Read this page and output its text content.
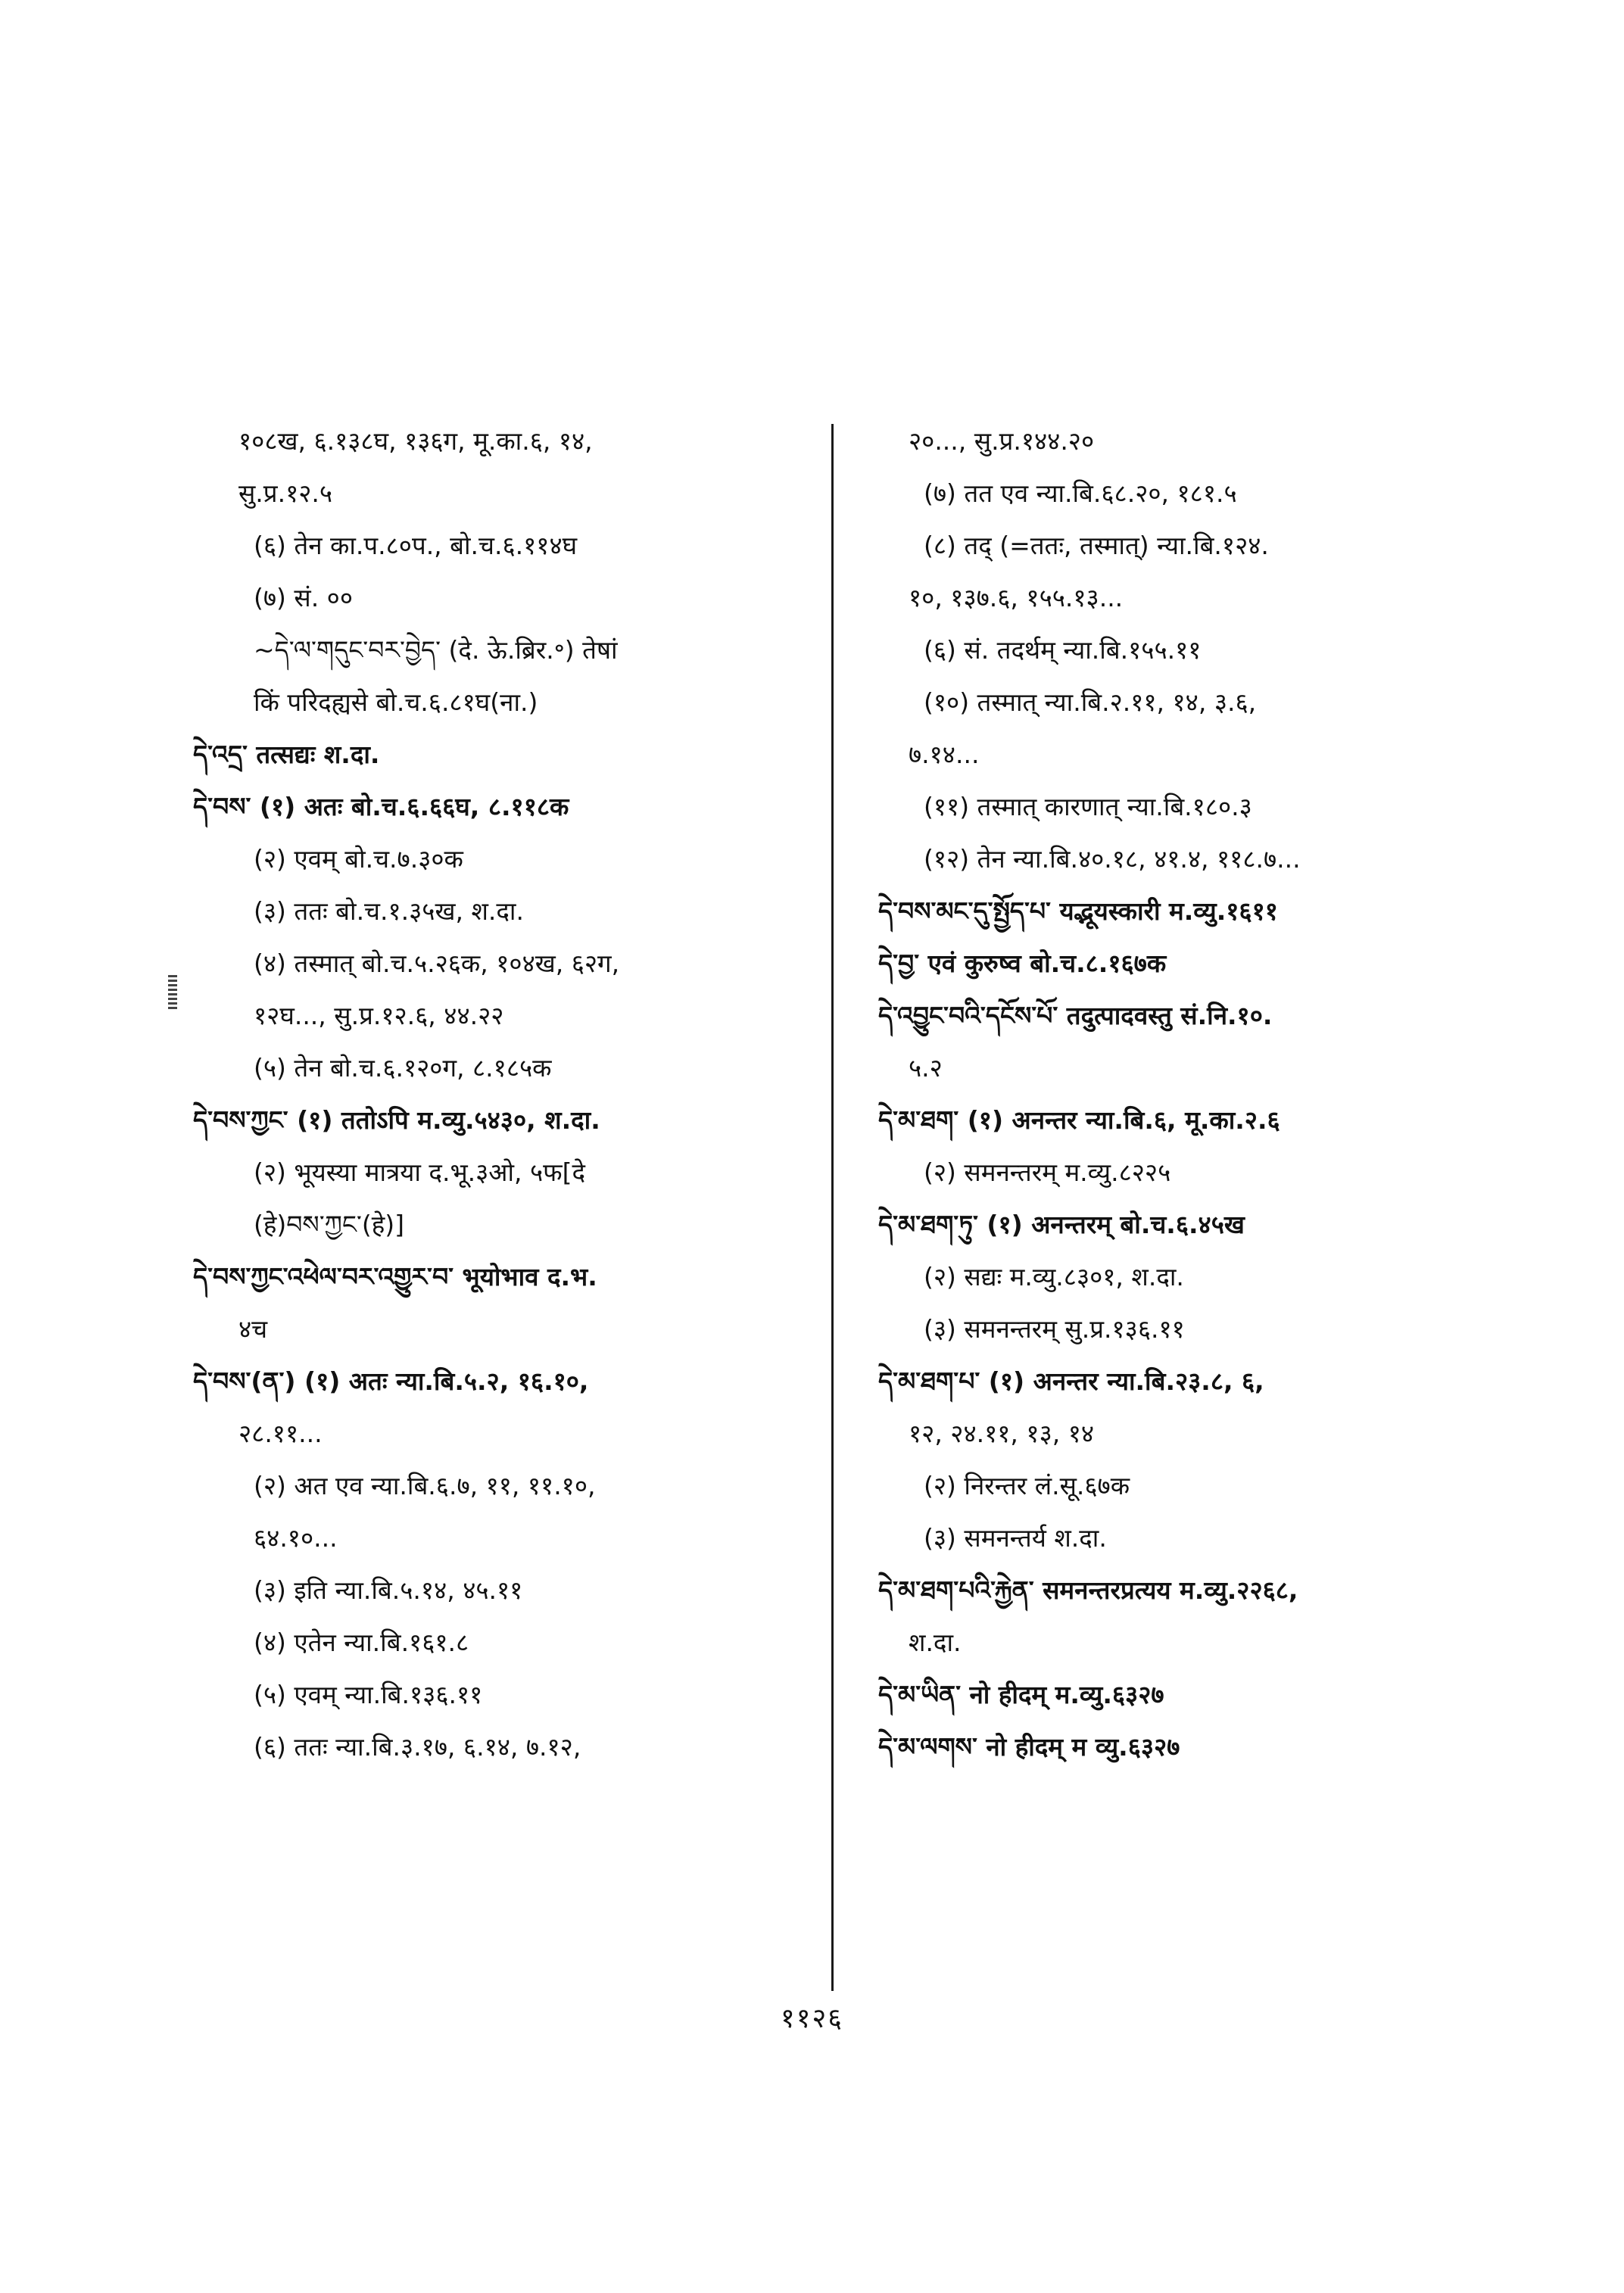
१०८ख, ६.१३८घ, १३६ग, मू.का.६, १४,
सु.प्र.१२.५
(६) तेन का.प.८०प., बो.च.६.११४घ
(७) सं. ००
~དེ་ལ་གདུང་བར་བྱེད་ (दे. ऊे.ब्रिर.॰) तेषां
किं परिदह्यसे बो.च.६.८१घ(ना.)
དེ་འདྲ་ तत्सद्यः श.दा.
དེ་བས་ (१) अतः बो.च.६.६६घ, ८.११८क
(२) एवम् बो.च.७.३०क
(३) ततः बो.च.१.३५ख, श.दा.
(४) तस्मात् बो.च.५.२६क, १०४ख, ६२ग,
१२घ..., सु.प्र.१२.६, ४४.२२
(५) तेन बो.च.६.१२०ग, ८.१८५क
དེ་བས་ཀྱང་ (१) ततोऽपि म.व्यु.५४३०, श.दा.
(२) भूयस्या मात्रया द.भू.३ओ, ५फ[दे
(हे)བས་ཀྱང་(हे)]
དེ་བས་ཀྱང་འཕེལ་བར་འགྱུར་བ་ भूयोभाव द.भ.
४च
དེ་བས་(ན་) (१) अतः न्या.बि.५.२, १६.१०,
२८.११...
(२) अत एव न्या.बि.६.७, ११, ११.१०,
६४.१०...
(३) इति न्या.बि.५.१४, ४५.११
(४) एतेन न्या.बि.१६१.८
(५) एवम् न्या.बि.१३६.११
(६) ततः न्या.बि.३.१७, ६.१४, ७.१२,
२०..., सु.प्र.१४४.२०
(७) तत एव न्या.बि.६८.२०, १८१.५
(८) तद् (=ततः, तस्मात्) न्या.बि.१२४.
१०, १३७.६, १५५.१३...
(६) सं. तदर्थम् न्या.बि.१५५.११
(१०) तस्मात् न्या.बि.२.११, १४, ३.६,
७.१४...
(११) तस्मात् कारणात् न्या.बि.१८०.३
(१२) तेन न्या.बि.४०.१८, ४१.४, ११८.७...
དེ་བས་མང་དུ་སྤྱོད་པ་ यद्भूयस्कारी म.व्यु.१६११
དེ་བྱ་ एवं कुरुष्व बो.च.८.१६७क
དེ་འབྱུང་བའི་དངོས་པོ་ तदुत्पादवस्तु सं.नि.१०.
५.२
དེ་མ་ཐག་ (१) अनन्तर न्या.बि.६, मू.का.२.६
(२) समनन्तरम् म.व्यु.८२२५
དེ་མ་ཐག་ཏུ་ (१) अनन्तरम् बो.च.६.४५ख
(२) सद्यः म.व्यु.८३०१, श.दा.
(३) समनन्तरम् सु.प्र.१३६.११
དེ་མ་ཐག་པ་ (१) अनन्तर न्या.बि.२३.८, ६,
१२, २४.११, १३, १४
(२) निरन्तर लं.सू.६७क
(३) समनन्तर्य श.दा.
དེ་མ་ཐག་པའི་རྐྱེན་ समनन्तरप्रत्यय म.व्यु.२२६८,
श.दा.
དེ་མ་ཡིན་ नो हीदम् म.व्यु.६३२७
དེ་མ་ལགས་ नो हीदम् म व्यु.६३२७
११२६
